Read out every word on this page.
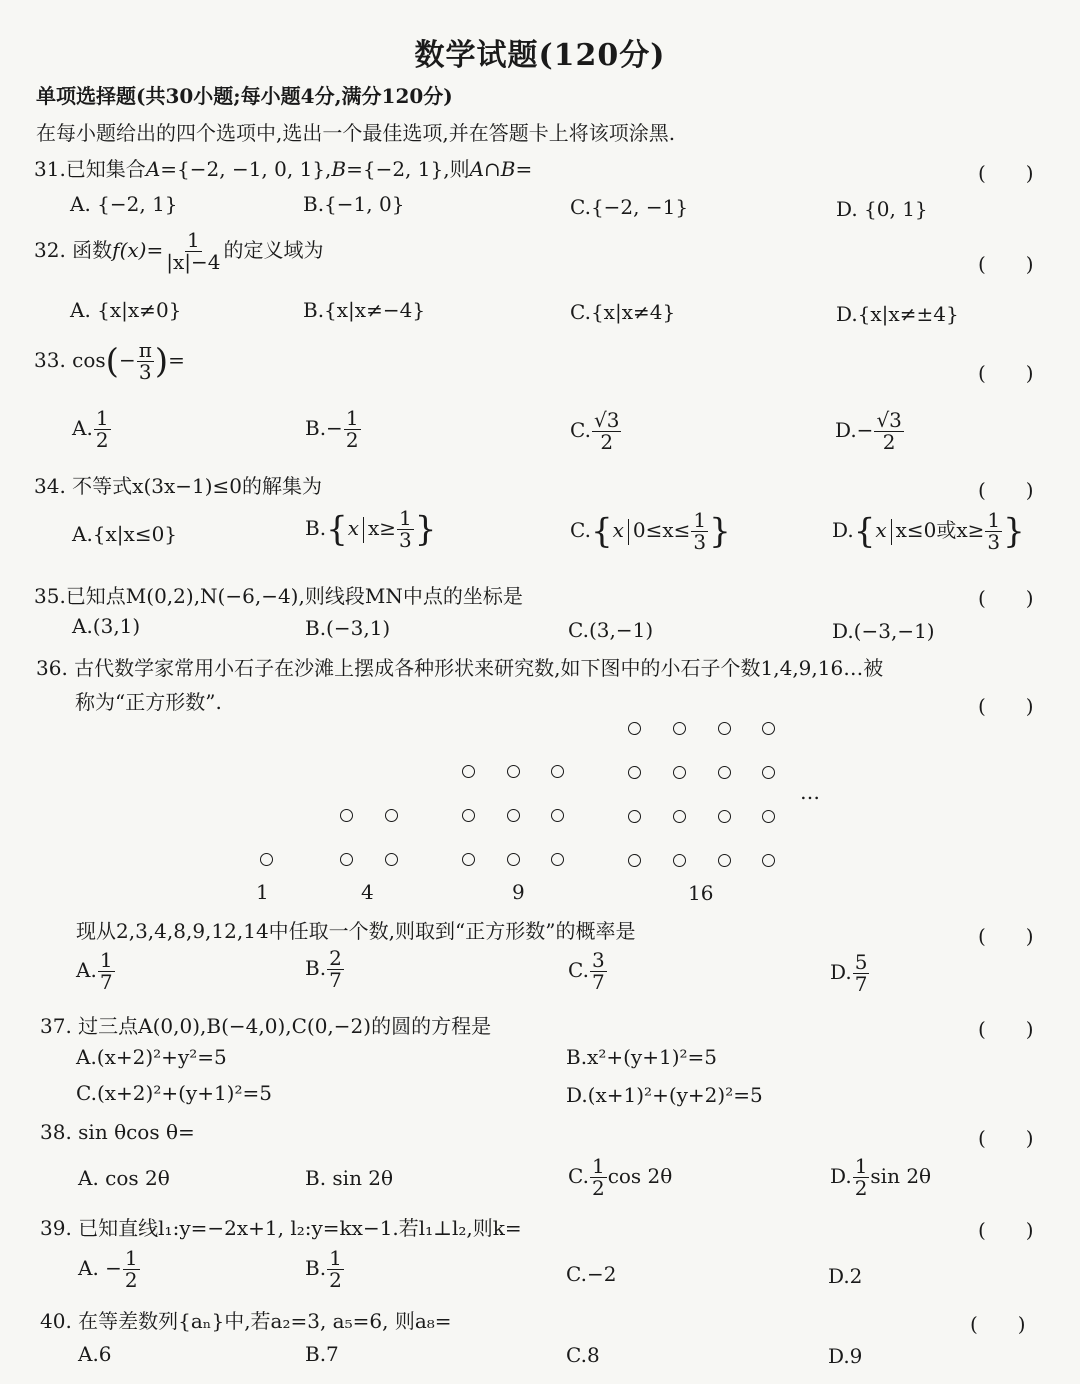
数学试题(120分)
单项选择题(共30小题;每小题4分,满分120分)
在每小题给出的四个选项中,选出一个最佳选项,并在答题卡上将该项涂黑.
31.已知集合A={−2, −1, 0, 1},B={−2, 1},则A∩B=	(　　)
A. {−2, 1}	B.{−1, 0}	C.{−2, −1}	D. {0, 1}
32. 函数$f(x)= \frac{1}{|x|-4}$ 的定义域为
(　　)
A. {x|x≠0}	B.{x|x≠−4}	C.{x|x≠4}	D.{x|x≠±4}
33. $\cos(- \frac{\pi}{3}$ )=
(　　)
A. $\frac{1}{2}$	$B.- \frac{1}{2}$	C. $\frac{√3}{2}$	$D.- \frac{√3}{2}$
34. 不等式x(3x−1)≤0的解集为	(　　)
A.{x|x≤0}	B.{x $x\ge \frac{1}{3}$ }	C.{x $0\le x\le \frac{1}{3}$ }	D.{x x≤0或$x\ge \frac{1}{3}$ }
35.已知点M(0,2),N(−6,−4),则线段MN中点的坐标是	(　　)
A.(3,1)	B.(−3,1)	C.(3,−1)	D.(−3,−1)
36. 古代数学家常用小石子在沙滩上摆成各种形状来研究数,如下图中的小石子个数1,4,9,16…被
称为“正方形数”.	(　　)
…
1	4	9	16
现从2,3,4,8,9,12,14中任取一个数,则取到“正方形数”的概率是	(　　)
A. $\frac{1}{7}$	B. $\frac{2}{7}$	C. $\frac{3}{7}$	D. $\frac{5}{7}$
37. 过三点A(0,0),B(−4,0),C(0,−2)的圆的方程是	(　　)
A.(x+2)²+y²=5	B.x²+(y+1)²=5
C.(x+2)²+(y+1)²=5	D.(x+1)²+(y+2)²=5
38. sin θcos θ=	(　　)
A. cos 2θ	B. sin 2θ	C. $\frac{1}{2}$ cos 2θ	D. $\frac{1}{2}$ sin 2θ
39. 已知直线l₁:y=−2x+1, l₂:y=kx−1.若l₁⊥l₂,则k=	(　　)
A. − $\frac{1}{2}$	B. $\frac{1}{2}$	C.−2	D.2
40. 在等差数列{aₙ}中,若a₂=3, a₅=6, 则a₈=	(　　)
A.6	B.7	C.8	D.9
